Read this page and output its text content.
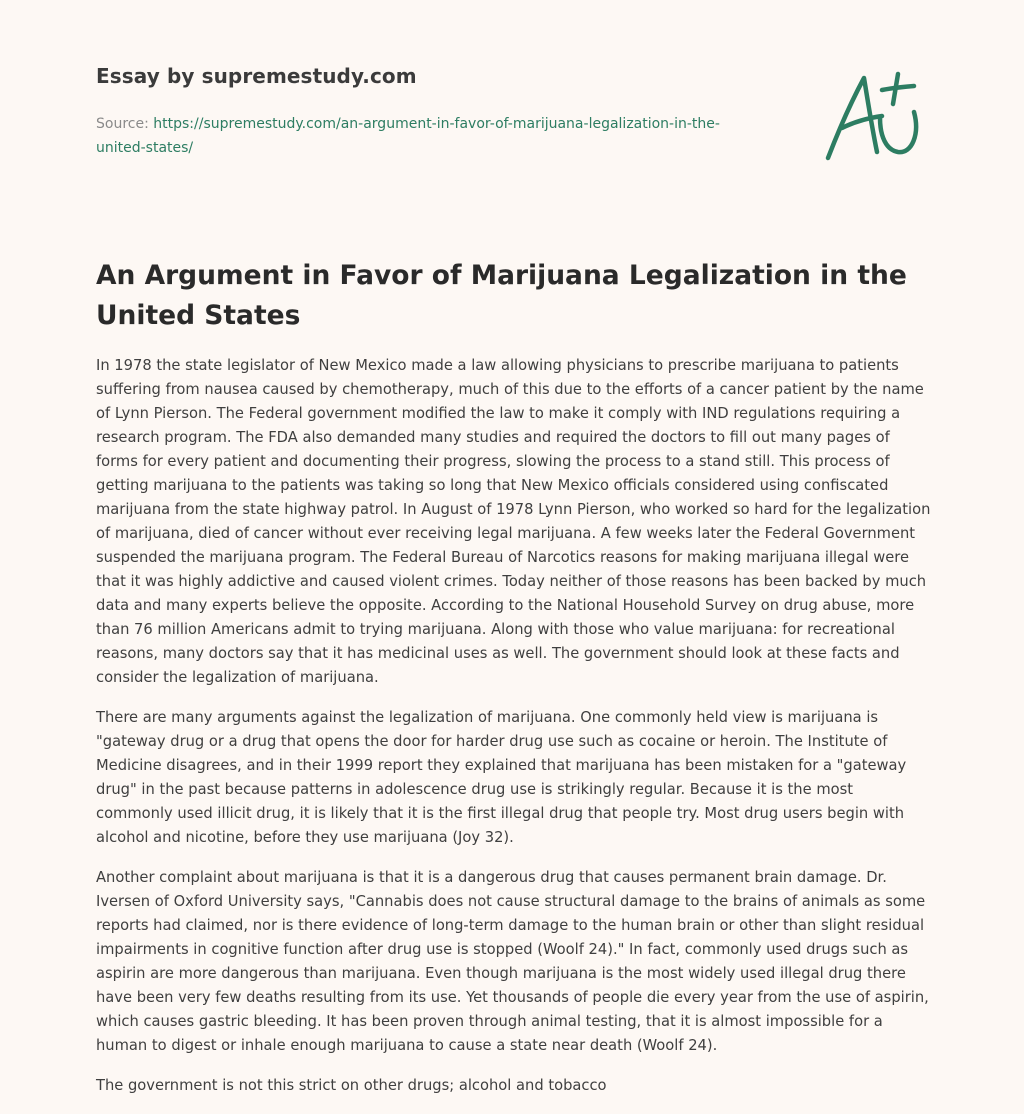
Essay by supremestudy.com
Source: https://supremestudy.com/an-argument-in-favor-of-marijuana-legalization-in-the-united-states/
An Argument in Favor of Marijuana Legalization in the United States

In 1978 the state legislator of New Mexico made a law allowing physicians to prescribe marijuana to patients suffering from nausea caused by chemotherapy, much of this due to the efforts of a cancer patient by the name of Lynn Pierson. The Federal government modified the law to make it comply with IND regulations requiring a research program. The FDA also demanded many studies and required the doctors to fill out many pages of forms for every patient and documenting their progress, slowing the process to a stand still. This process of getting marijuana to the patients was taking so long that New Mexico officials considered using confiscated marijuana from the state highway patrol. In August of 1978 Lynn Pierson, who worked so hard for the legalization of marijuana, died of cancer without ever receiving legal marijuana. A few weeks later the Federal Government suspended the marijuana program. The Federal Bureau of Narcotics reasons for making marijuana illegal were that it was highly addictive and caused violent crimes. Today neither of those reasons has been backed by much data and many experts believe the opposite. According to the National Household Survey on drug abuse, more than 76 million Americans admit to trying marijuana. Along with those who value marijuana: for recreational reasons, many doctors say that it has medicinal uses as well. The government should look at these facts and consider the legalization of marijuana.

There are many arguments against the legalization of marijuana. One commonly held view is marijuana is "gateway drug or a drug that opens the door for harder drug use such as cocaine or heroin. The Institute of Medicine disagrees, and in their 1999 report they explained that marijuana has been mistaken for a "gateway drug" in the past because patterns in adolescence drug use is strikingly regular. Because it is the most commonly used illicit drug, it is likely that it is the first illegal drug that people try. Most drug users begin with alcohol and nicotine, before they use marijuana (Joy 32).

Another complaint about marijuana is that it is a dangerous drug that causes permanent brain damage. Dr. Iversen of Oxford University says, "Cannabis does not cause structural damage to the brains of animals as some reports had claimed, nor is there evidence of long-term damage to the human brain or other than slight residual impairments in cognitive function after drug use is stopped (Woolf 24)." In fact, commonly used drugs such as aspirin are more dangerous than marijuana. Even though marijuana is the most widely used illegal drug there have been very few deaths resulting from its use. Yet thousands of people die every year from the use of aspirin, which causes gastric bleeding. It has been proven through animal testing, that it is almost impossible for a human to digest or inhale enough marijuana to cause a state near death (Woolf 24).

The government is not this strict on other drugs; alcohol and tobacco
